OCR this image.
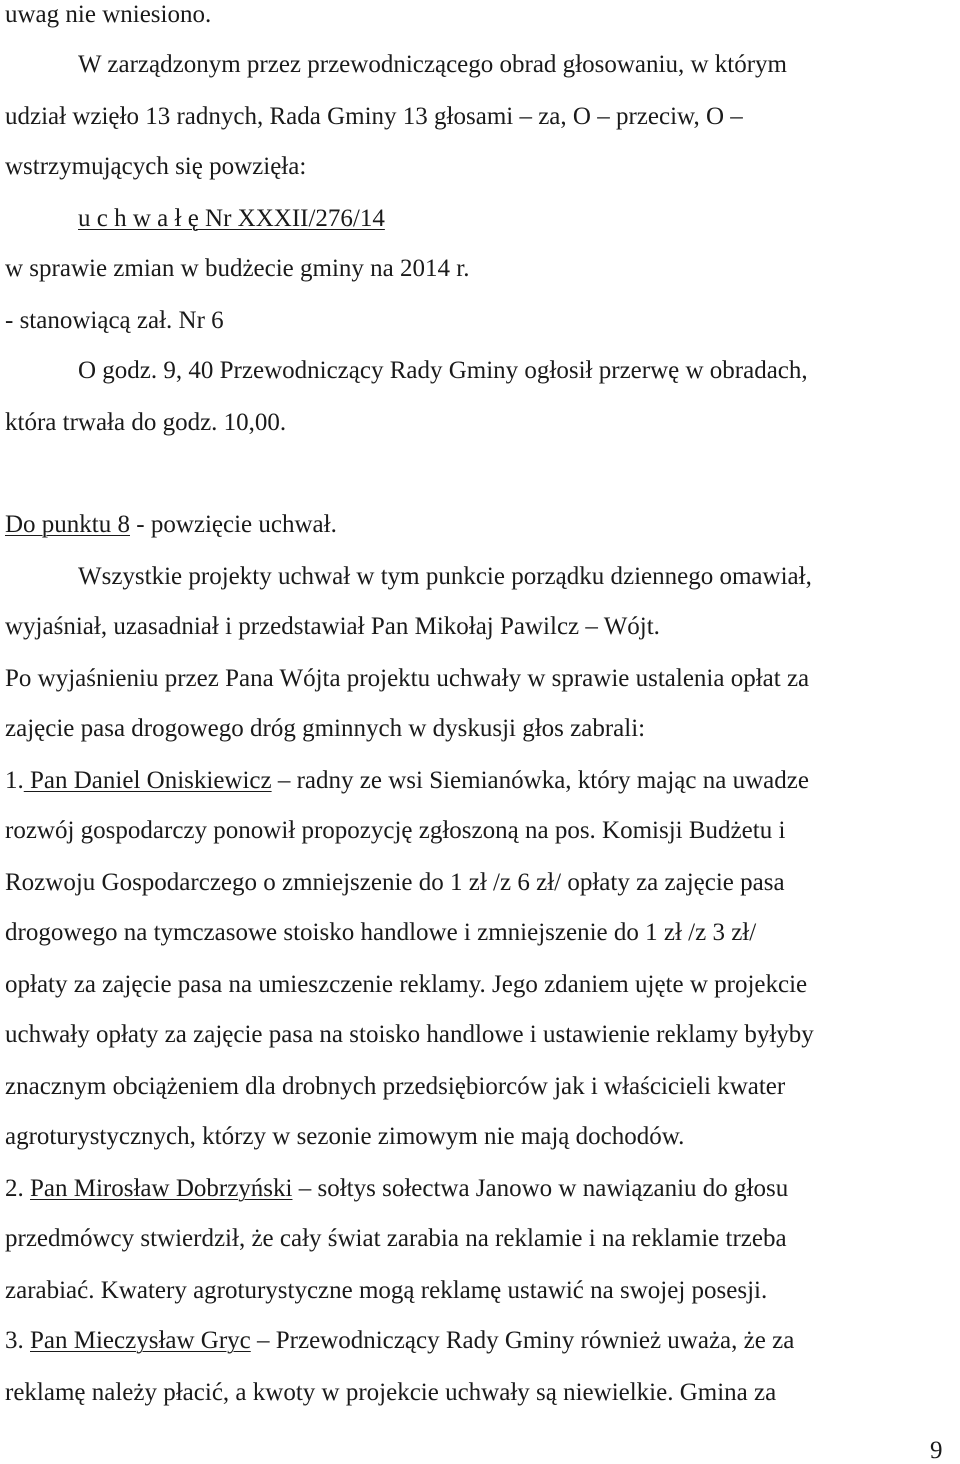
uwag nie wniesiono.
W zarządzonym przez przewodniczącego obrad głosowaniu, w którym
udział wzięło 13 radnych, Rada Gminy 13 głosami – za, O – przeciw, O –
wstrzymujących się powzięła:
u c h w a ł ę Nr XXXII/276/14
w sprawie zmian w budżecie gminy na 2014 r.
- stanowiącą zał. Nr 6
O godz. 9, 40 Przewodniczący Rady Gminy ogłosił przerwę w obradach,
która trwała do godz. 10,00.
Do punktu 8 - powzięcie uchwał.
Wszystkie projekty uchwał w tym punkcie porządku dziennego omawiał,
wyjaśniał, uzasadniał i przedstawiał Pan Mikołaj Pawilcz – Wójt.
Po wyjaśnieniu przez Pana Wójta projektu uchwały w sprawie ustalenia opłat za
zajęcie pasa drogowego dróg gminnych w dyskusji głos zabrali:
1. Pan Daniel Oniskiewicz – radny ze wsi Siemianówka, który mając na uwadze
rozwój gospodarczy ponowił propozycję zgłoszoną na pos. Komisji Budżetu i
Rozwoju Gospodarczego o zmniejszenie do 1 zł /z 6 zł/ opłaty za zajęcie pasa
drogowego na tymczasowe stoisko handlowe i zmniejszenie do 1 zł /z 3 zł/
opłaty za zajęcie pasa na umieszczenie reklamy. Jego zdaniem ujęte w projekcie
uchwały opłaty za zajęcie pasa na stoisko handlowe i ustawienie reklamy byłyby
znacznym obciążeniem dla drobnych przedsiębiorców jak i właścicieli kwater
agroturystycznych, którzy w sezonie zimowym nie mają dochodów.
2. Pan Mirosław Dobrzyński – sołtys sołectwa Janowo w nawiązaniu do głosu
przedmówcy stwierdził, że cały świat zarabia na reklamie i na reklamie trzeba
zarabiać. Kwatery agroturystyczne mogą reklamę ustawić na swojej posesji.
3. Pan Mieczysław Gryc – Przewodniczący Rady Gminy również uważa, że za
reklamę należy płacić, a kwoty w projekcie uchwały są niewielkie. Gmina za
9
